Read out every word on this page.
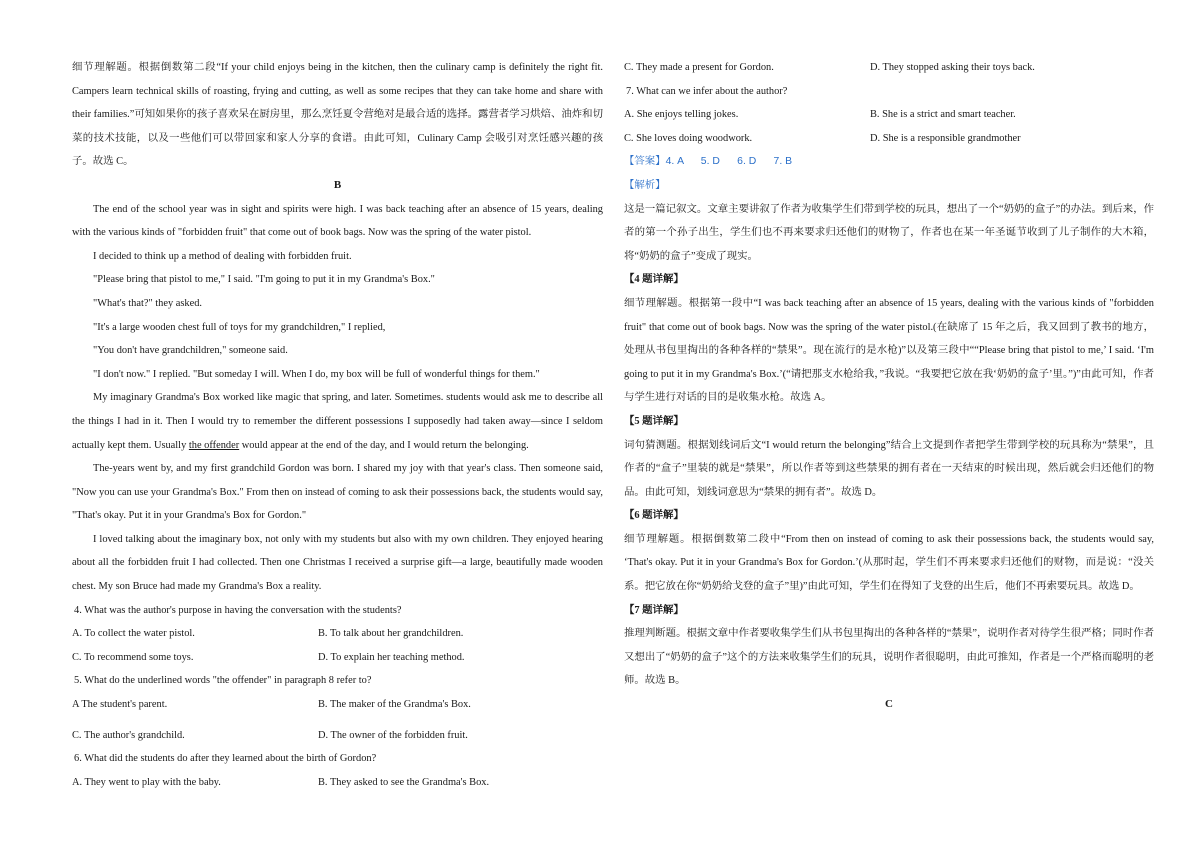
细节理解题。根据倒数第二段“If your child enjoys being in the kitchen, then the culinary camp is definitely the right fit. Campers learn technical skills of roasting, frying and cutting, as well as some recipes that they can take home and share with their families.”可知如果你的孩子喜欢呆在厨房里，那么烹饪夏令营绝对是最合适的选择。露营者学习烘焙、油炸和切菜的技术技能，以及一些他们可以带回家和家人分享的食谱。由此可知，Culinary Camp 会吸引对烹饪感兴趣的孩子。故选 C。

B

The end of the school year was in sight and spirits were high. I was back teaching after an absence of 15 years, dealing with the various kinds of "forbidden fruit" that come out of book bags. Now was the spring of the water pistol.

I decided to think up a method of dealing with forbidden fruit.

"Please bring that pistol to me," I said. "I'm going to put it in my Grandma's Box."

"What's that?" they asked.

"It's a large wooden chest full of toys for my grandchildren," I replied,

"You don't have grandchildren," someone said.

"I don't now." I replied. "But someday I will. When I do, my box will be full of wonderful things for them."

My imaginary Grandma's Box worked like magic that spring, and later. Sometimes. students would ask me to describe all the things I had in it. Then I would try to remember the different possessions I supposedly had taken away—since I seldom actually kept them. Usually the offender would appear at the end of the day, and I would return the belonging.

The-years went by, and my first grandchild Gordon was born. I shared my joy with that year's class. Then someone said, "Now you can use your Grandma's Box." From then on instead of coming to ask their possessions back, the students would say, "That's okay. Put it in your Grandma's Box for Gordon."

I loved talking about the imaginary box, not only with my students but also with my own children. They enjoyed hearing about all the forbidden fruit I had collected. Then one Christmas I received a surprise gift—a large, beautifully made wooden chest. My son Bruce had made my Grandma's Box a reality.

4. What was the author's purpose in having the conversation with the students?

A. To collect the water pistol.	B. To talk about her grandchildren.
C. To recommend some toys.	D. To explain her teaching method.

5. What do the underlined words "the offender" in paragraph 8 refer to?

A The student's parent.	B. The maker of the Grandma's Box.
C. The author's grandchild.	D. The owner of the forbidden fruit.

6. What did the students do after they learned about the birth of Gordon?

A. They went to play with the baby.	B. They asked to see the Grandma's Box.
C. They made a present for Gordon.	D. They stopped asking their toys back.

7. What can we infer about the author?

A. She enjoys telling jokes.	B. She is a strict and smart teacher.
C. She loves doing woodwork.	D. She is a responsible grandmother

【答案】4. A      5. D      6. D      7. B

【解析】

这是一篇记叙文。文章主要讲叙了作者为收集学生们带到学校的玩具，想出了一个“奶奶的盒子”的办法。到后来，作者的第一个孙子出生，学生们也不再来要求归还他们的财物了，作者也在某一年圣诞节收到了儿子制作的大木箱，将“奶奶的盒子”变成了现实。

【4 题详解】

细节理解题。根据第一段中“I was back teaching after an absence of 15 years, dealing with the various kinds of "forbidden fruit" that come out of book bags. Now was the spring of the water pistol.(在缺席了 15 年之后，我又回到了教书的地方，处理从书包里掏出的各种各样的“禁果”。现在流行的是水枪)”以及第三段中““Please bring that pistol to me,’ I said. ‘I'm going to put it in my Grandma's Box.’(“请把那支水枪给我，”我说。“我要把它放在我‘奶奶的盒子’里。”)”由此可知，作者与学生进行对话的目的是收集水枪。故选 A。

【5 题详解】

词句猜测题。根据划线词后文“I would return the belonging”结合上文提到作者把学生带到学校的玩具称为“禁果”，且作者的“盒子”里装的就是“禁果”，所以作者等到这些禁果的拥有者在一天结束的时候出现，然后就会归还他们的物品。由此可知，划线词意思为“禁果的拥有者”。故选 D。

【6 题详解】

细节理解题。根据倒数第二段中“From then on instead of coming to ask their possessions back, the students would say, ‘That's okay. Put it in your Grandma's Box for Gordon.’(从那时起，学生们不再来要求归还他们的财物，而是说：“没关系。把它放在你“奶奶给戈登的盒子”里)”由此可知，学生们在得知了戈登的出生后，他们不再索要玩具。故选 D。

【7 题详解】

推理判断题。根据文章中作者要收集学生们从书包里掏出的各种各样的“禁果”，说明作者对待学生很严格；同时作者又想出了“奶奶的盒子”这个的方法来收集学生们的玩具，说明作者很聪明，由此可推知，作者是一个严格而聪明的老师。故选 B。

C
